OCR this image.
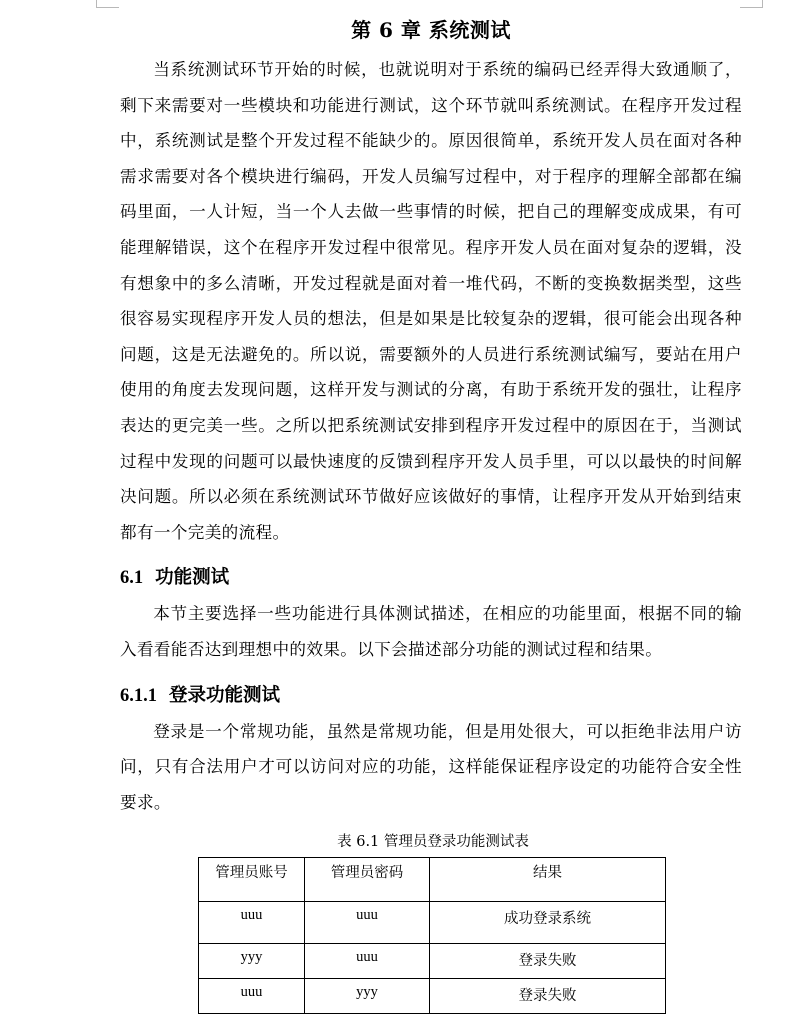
第 6 章 系统测试

当系统测试环节开始的时候，也就说明对于系统的编码已经弄得大致通顺了，剩下来需要对一些模块和功能进行测试，这个环节就叫系统测试。在程序开发过程中，系统测试是整个开发过程不能缺少的。原因很简单，系统开发人员在面对各种需求需要对各个模块进行编码，开发人员编写过程中，对于程序的理解全部都在编码里面，一人计短，当一个人去做一些事情的时候，把自己的理解变成成果，有可能理解错误，这个在程序开发过程中很常见。程序开发人员在面对复杂的逻辑，没有想象中的多么清晰，开发过程就是面对着一堆代码，不断的变换数据类型，这些很容易实现程序开发人员的想法，但是如果是比较复杂的逻辑，很可能会出现各种问题，这是无法避免的。所以说，需要额外的人员进行系统测试编写，要站在用户使用的角度去发现问题，这样开发与测试的分离，有助于系统开发的强壮，让程序表达的更完美一些。之所以把系统测试安排到程序开发过程中的原因在于，当测试过程中发现的问题可以最快速度的反馈到程序开发人员手里，可以以最快的时间解决问题。所以必须在系统测试环节做好应该做好的事情，让程序开发从开始到结束都有一个完美的流程。

6.1 功能测试

本节主要选择一些功能进行具体测试描述，在相应的功能里面，根据不同的输入看看能否达到理想中的效果。以下会描述部分功能的测试过程和结果。

6.1.1 登录功能测试

登录是一个常规功能，虽然是常规功能，但是用处很大，可以拒绝非法用户访问，只有合法用户才可以访问对应的功能，这样能保证程序设定的功能符合安全性要求。

表 6.1 管理员登录功能测试表
管理员账号	管理员密码	结果
uuu	uuu	成功登录系统
yyy	uuu	登录失败
uuu	yyy	登录失败
